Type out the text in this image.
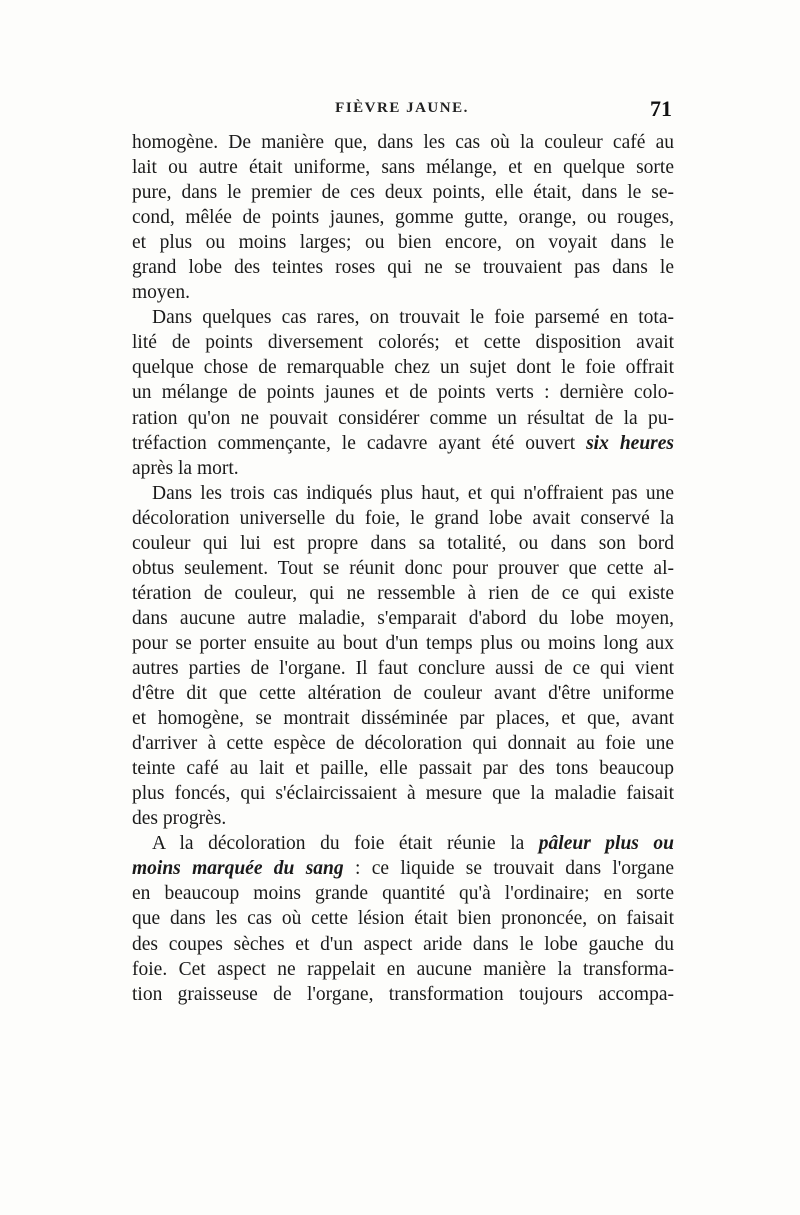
FIÈVRE JAUNE.	71
homogène. De manière que, dans les cas où la couleur café au
lait ou autre était uniforme, sans mélange, et en quelque sorte
pure, dans le premier de ces deux points, elle était, dans le se-
cond, mêlée de points jaunes, gomme gutte, orange, ou rouges,
et plus ou moins larges; ou bien encore, on voyait dans le
grand lobe des teintes roses qui ne se trouvaient pas dans le
moyen.
Dans quelques cas rares, on trouvait le foie parsemé en tota-
lité de points diversement colorés; et cette disposition avait
quelque chose de remarquable chez un sujet dont le foie offrait
un mélange de points jaunes et de points verts : dernière colo-
ration qu'on ne pouvait considérer comme un résultat de la pu-
tréfaction commençante, le cadavre ayant été ouvert six heures
après la mort.
Dans les trois cas indiqués plus haut, et qui n'offraient pas une
décoloration universelle du foie, le grand lobe avait conservé la
couleur qui lui est propre dans sa totalité, ou dans son bord
obtus seulement. Tout se réunit donc pour prouver que cette al-
tération de couleur, qui ne ressemble à rien de ce qui existe
dans aucune autre maladie, s'emparait d'abord du lobe moyen,
pour se porter ensuite au bout d'un temps plus ou moins long aux
autres parties de l'organe. Il faut conclure aussi de ce qui vient
d'être dit que cette altération de couleur avant d'être uniforme
et homogène, se montrait disséminée par places, et que, avant
d'arriver à cette espèce de décoloration qui donnait au foie une
teinte café au lait et paille, elle passait par des tons beaucoup
plus foncés, qui s'éclaircissaient à mesure que la maladie faisait
des progrès.
A la décoloration du foie était réunie la pâleur plus ou
moins marquée du sang : ce liquide se trouvait dans l'organe
en beaucoup moins grande quantité qu'à l'ordinaire; en sorte
que dans les cas où cette lésion était bien prononcée, on faisait
des coupes sèches et d'un aspect aride dans le lobe gauche du
foie. Cet aspect ne rappelait en aucune manière la transforma-
tion graisseuse de l'organe, transformation toujours accompa-
